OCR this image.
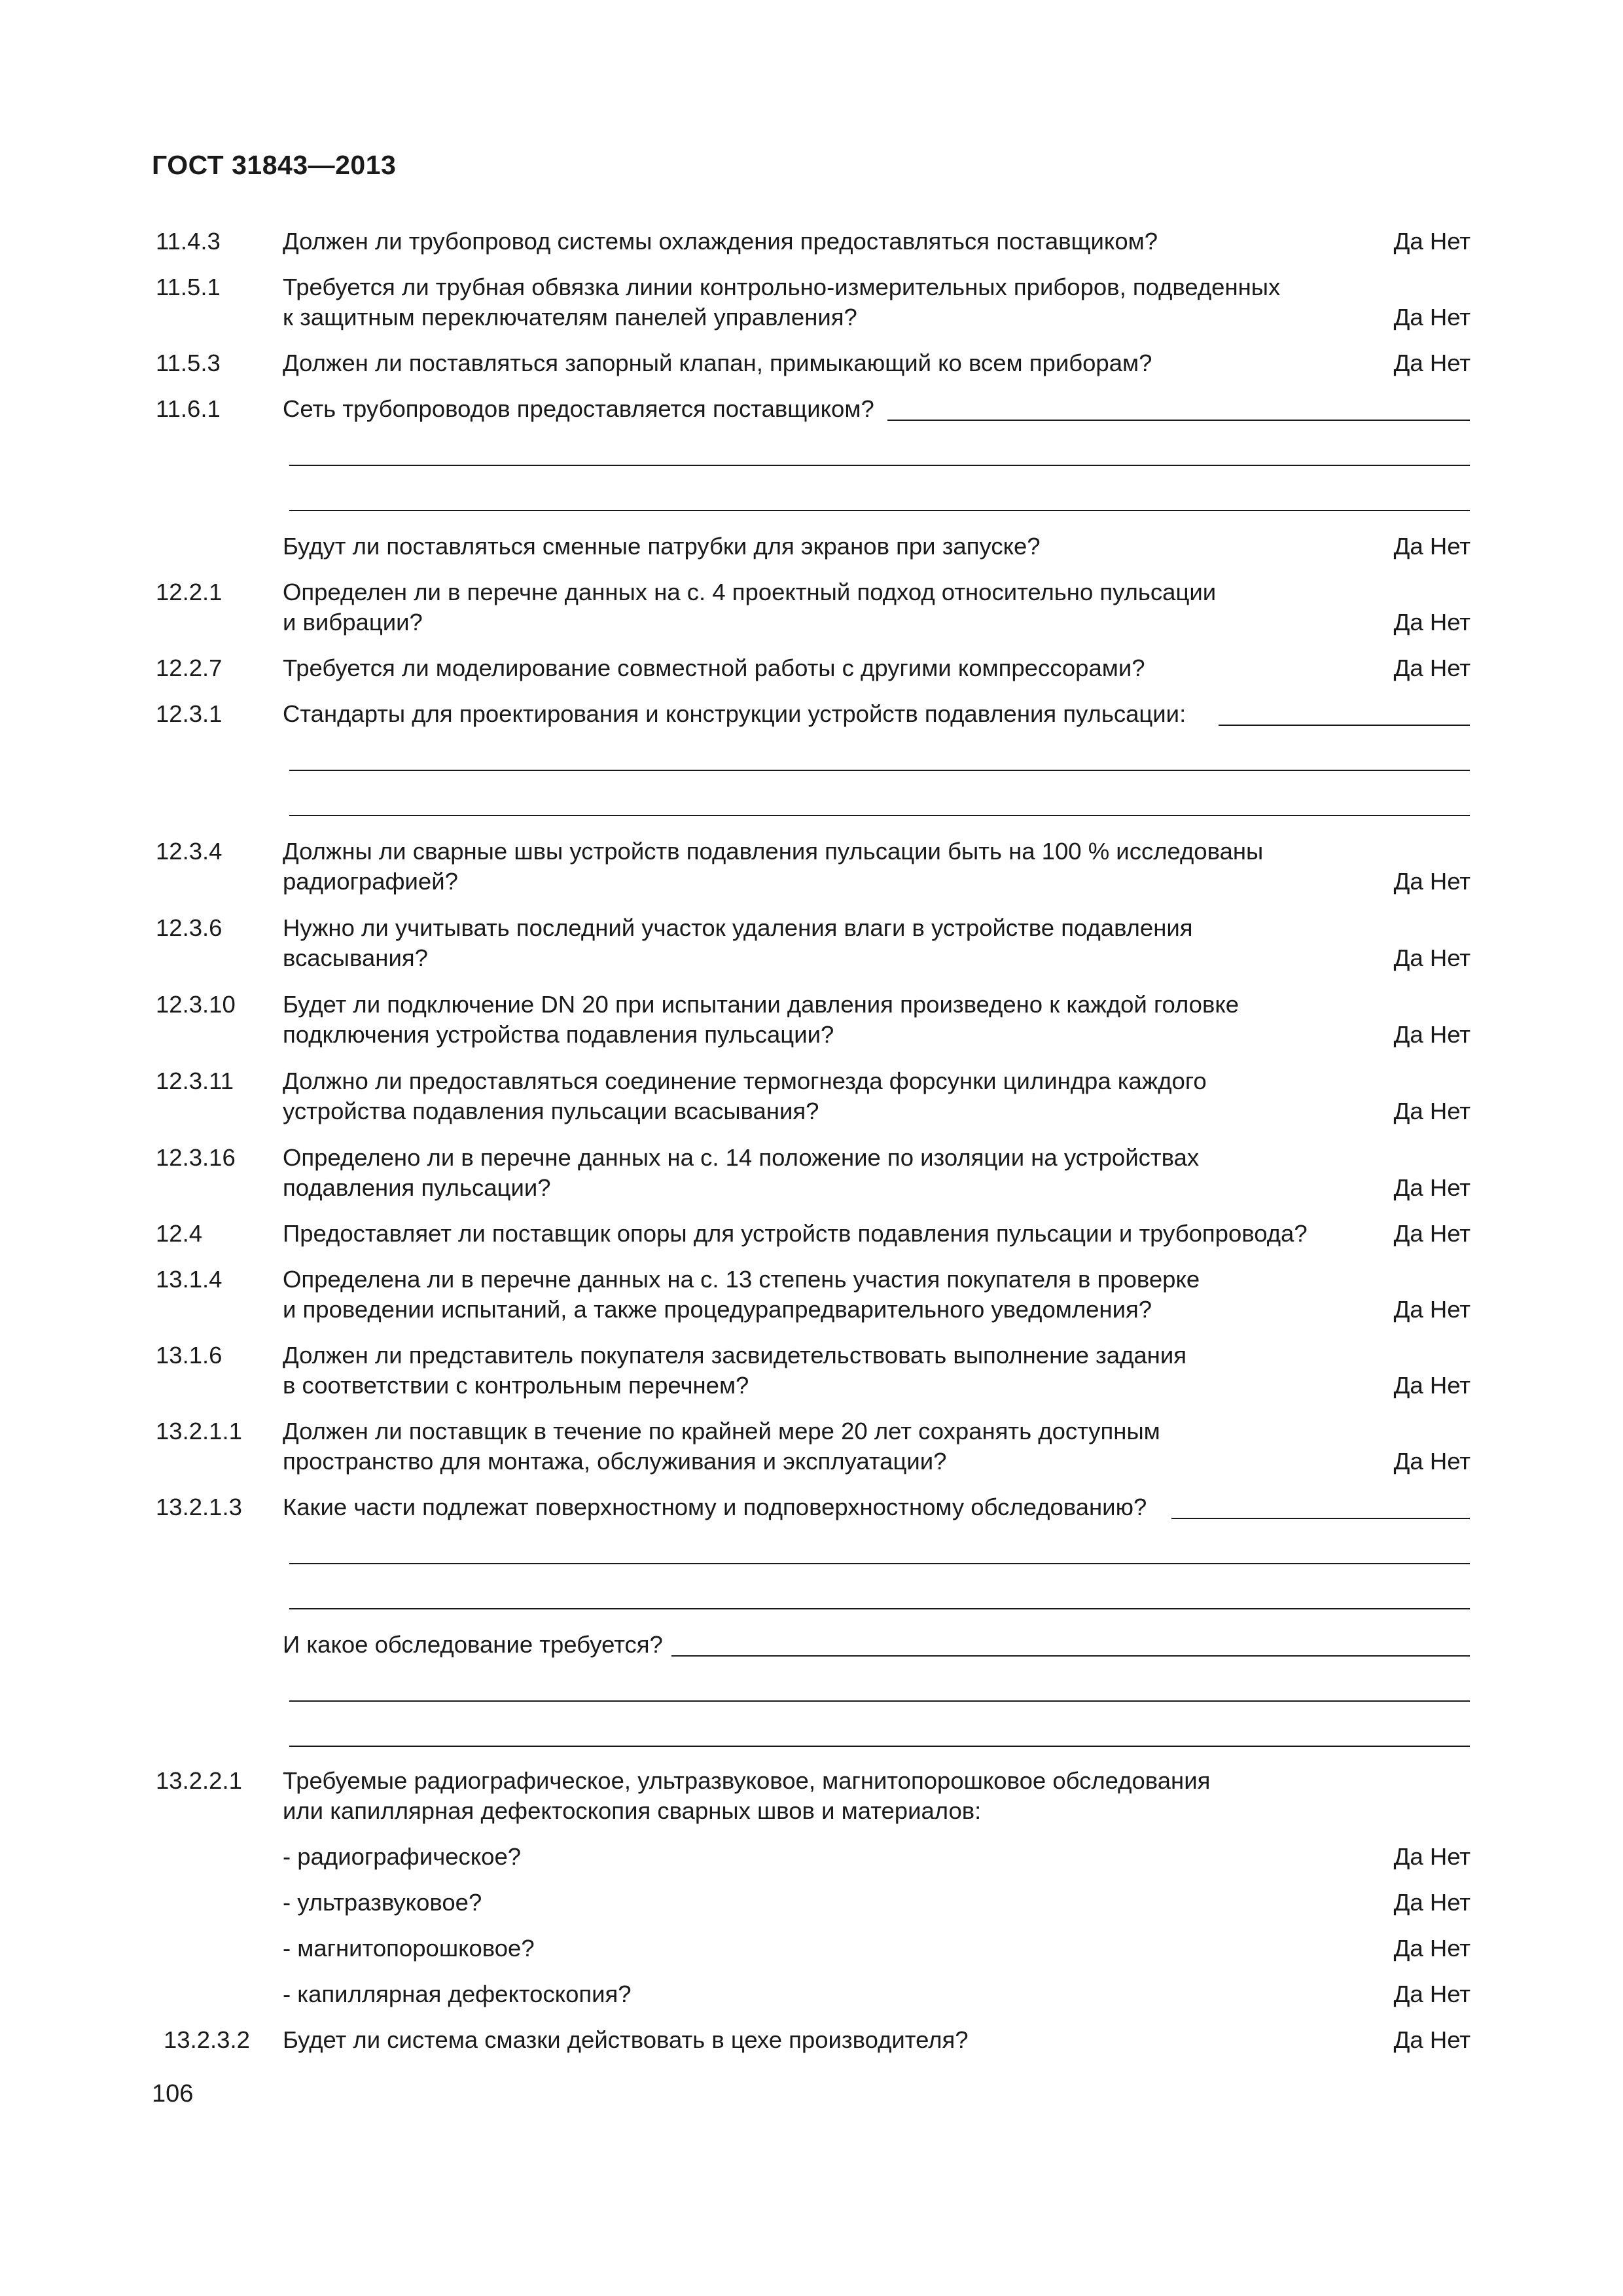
ГОСТ 31843—2013
11.4.3	Должен ли трубопровод системы охлаждения предоставляться поставщиком?	Да Нет
11.5.1	Требуется ли трубная обвязка линии контрольно-измерительных приборов, подведенных
к защитным переключателям панелей управления?	Да Нет
11.5.3	Должен ли поставляться запорный клапан, примыкающий ко всем приборам?	Да Нет
11.6.1	Сеть трубопроводов предоставляется поставщиком?
Будут ли поставляться сменные патрубки для экранов при запуске?	Да Нет
12.2.1	Определен ли в перечне данных на с. 4 проектный подход относительно пульсации
и вибрации?	Да Нет
12.2.7	Требуется ли моделирование совместной работы с другими компрессорами?	Да Нет
12.3.1	Стандарты для проектирования и конструкции устройств подавления пульсации:
12.3.4	Должны ли сварные швы устройств подавления пульсации быть на 100 % исследованы
радиографией?	Да Нет
12.3.6	Нужно ли учитывать последний участок удаления влаги в устройстве подавления
всасывания?	Да Нет
12.3.10 Будет ли подключение DN 20 при испытании давления произведено к каждой головке
подключения устройства подавления пульсации?	Да Нет
12.3.11 Должно ли предоставляться соединение термогнезда форсунки цилиндра каждого
устройства подавления пульсации всасывания?	Да Нет
12.3.16 Определено ли в перечне данных на с. 14 положение по изоляции на устройствах
подавления пульсации?	Да Нет
12.4	Предоставляет ли поставщик опоры для устройств подавления пульсации и трубопровода?	Да Нет
13.1.4	Определена ли в перечне данных на с. 13 степень участия покупателя в проверке
и проведении испытаний, а также процедурапредварительного уведомления?	Да Нет
13.1.6	Должен ли представитель покупателя засвидетельствовать выполнение задания
в соответствии с контрольным перечнем?	Да Нет
13.2.1.1 Должен ли поставщик в течение по крайней мере 20 лет сохранять доступным
пространство для монтажа, обслуживания и эксплуатации?	Да Нет
13.2.1.3 Какие части подлежат поверхностному и подповерхностному обследованию?
И какое обследование требуется?
13.2.2.1 Требуемые радиографическое, ультразвуковое, магнитопорошковое обследования
или капиллярная дефектоскопия сварных швов и материалов:
- радиографическое?	Да Нет
- ультразвуковое?	Да Нет
- магнитопорошковое?	Да Нет
- капиллярная дефектоскопия?	Да Нет
13.2.3.2 Будет ли система смазки действовать в цехе производителя?	Да Нет
106
